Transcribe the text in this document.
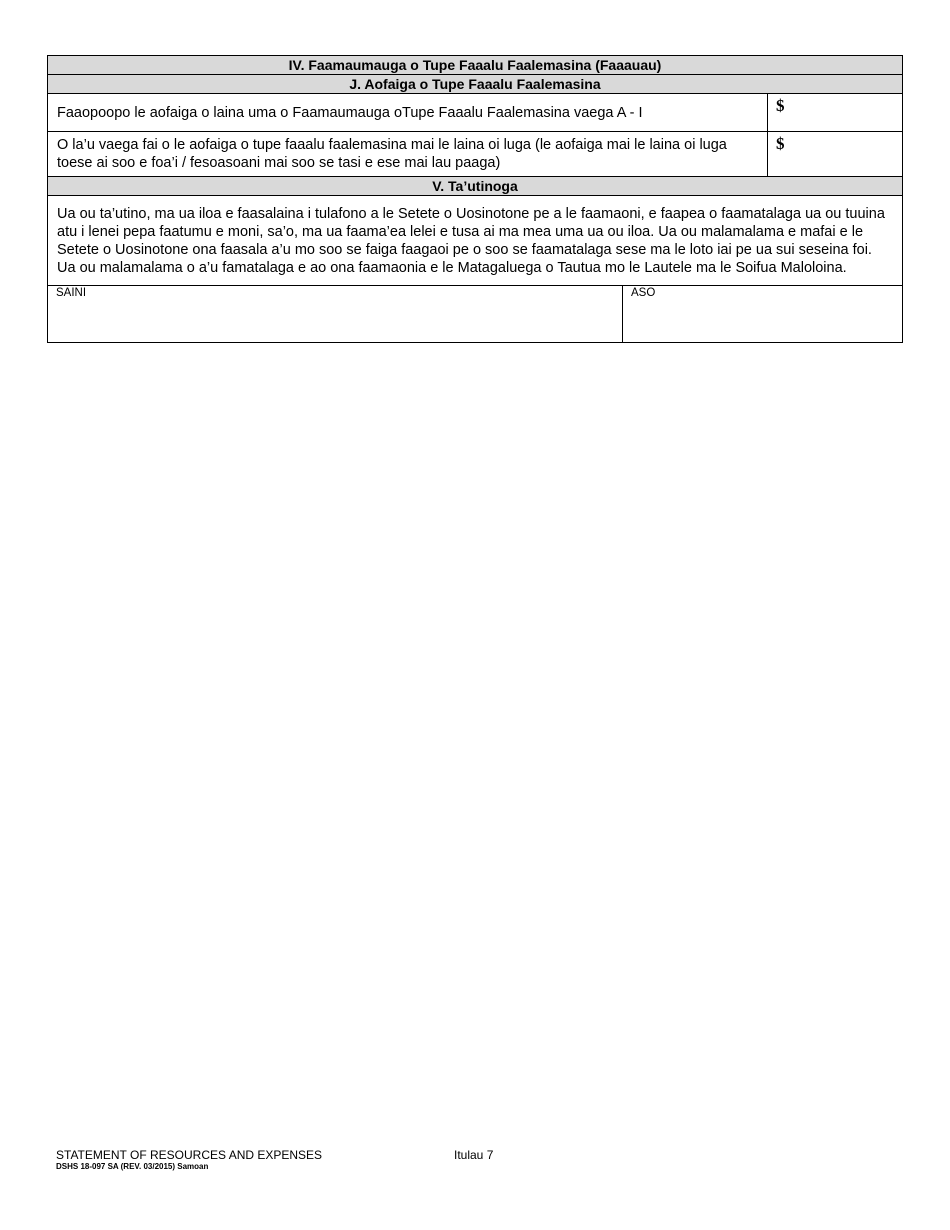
IV. Faamaumauga o Tupe Faaalu Faalemasina (Faaauau)
J. Aofaiga o Tupe Faaalu Faalemasina
Faaopoopo le aofaiga o laina uma o Faamaumauga oTupe Faaalu Faalemasina vaega A - I	$
O la’u vaega fai o le aofaiga o tupe faaalu faalemasina mai le laina oi luga (le aofaiga mai le laina oi luga toese ai soo e foa’i / fesoasoani mai soo se tasi e ese mai lau paaga)
$
V. Ta’utinoga
Ua ou ta’utino, ma ua iloa e faasalaina i tulafono a le Setete o Uosinotone pe a le faamaoni, e faapea o faamatalaga ua ou tuuina atu i lenei pepa faatumu e moni, sa’o, ma ua faama’ea lelei e tusa ai ma mea uma ua ou iloa. Ua ou malamalama e mafai e le Setete o Uosinotone ona faasala a’u mo soo se faiga faagaoi pe o soo se faamatalaga sese ma le loto iai pe ua sui seseina foi. Ua ou malamalama o a’u famatalaga e ao ona faamaonia e le Matagaluega o Tautua mo le Lautele ma le Soifua Maloloina.
SAINI	ASO
STATEMENT OF RESOURCES AND EXPENSES
DSHS 18-097 SA (REV. 03/2015) Samoan
Itulau 7
